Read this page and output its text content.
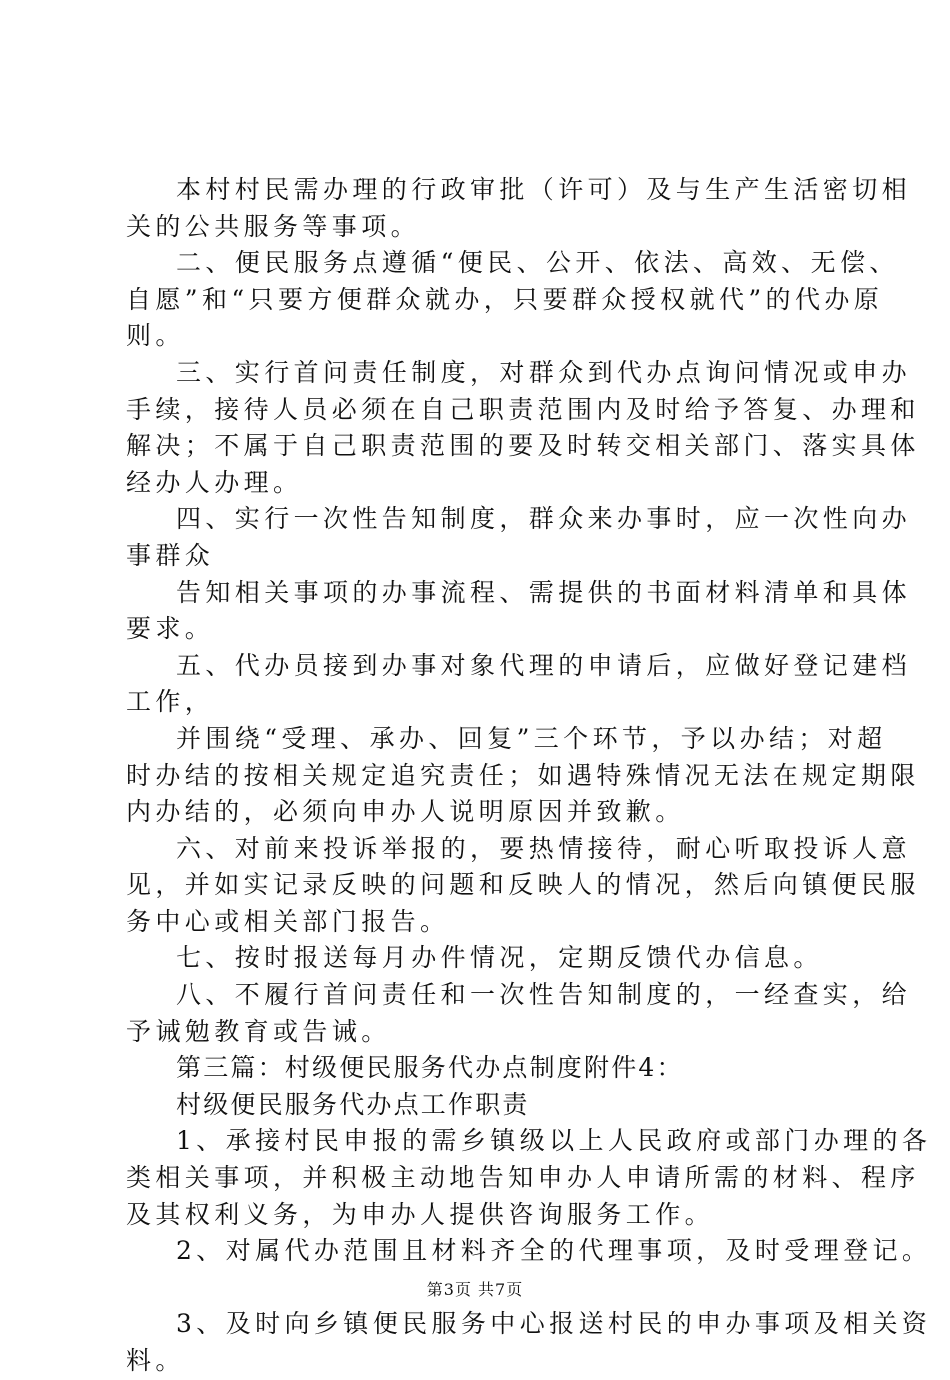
本村村民需办理的行政审批（许可）及与生产生活密切相
关的公共服务等事项。
二、便民服务点遵循“便民、公开、依法、高效、无偿、
自愿”和“只要方便群众就办，只要群众授权就代”的代办原
则。
三、实行首问责任制度，对群众到代办点询问情况或申办
手续，接待人员必须在自己职责范围内及时给予答复、办理和
解决；不属于自己职责范围的要及时转交相关部门、落实具体
经办人办理。
四、实行一次性告知制度，群众来办事时，应一次性向办
事群众
告知相关事项的办事流程、需提供的书面材料清单和具体
要求。
五、代办员接到办事对象代理的申请后，应做好登记建档
工作，
并围绕“受理、承办、回复”三个环节，予以办结；对超
时办结的按相关规定追究责任；如遇特殊情况无法在规定期限
内办结的，必须向申办人说明原因并致歉。
六、对前来投诉举报的，要热情接待，耐心听取投诉人意
见，并如实记录反映的问题和反映人的情况，然后向镇便民服
务中心或相关部门报告。
七、按时报送每月办件情况，定期反馈代办信息。
八、不履行首问责任和一次性告知制度的，一经查实，给
予诫勉教育或告诫。
第三篇：村级便民服务代办点制度附件4：
村级便民服务代办点工作职责
1、承接村民申报的需乡镇级以上人民政府或部门办理的各
类相关事项，并积极主动地告知申办人申请所需的材料、程序
及其权利义务，为申办人提供咨询服务工作。
2、对属代办范围且材料齐全的代理事项，及时受理登记。
3、及时向乡镇便民服务中心报送村民的申办事项及相关资
料。
第3页 共7页
